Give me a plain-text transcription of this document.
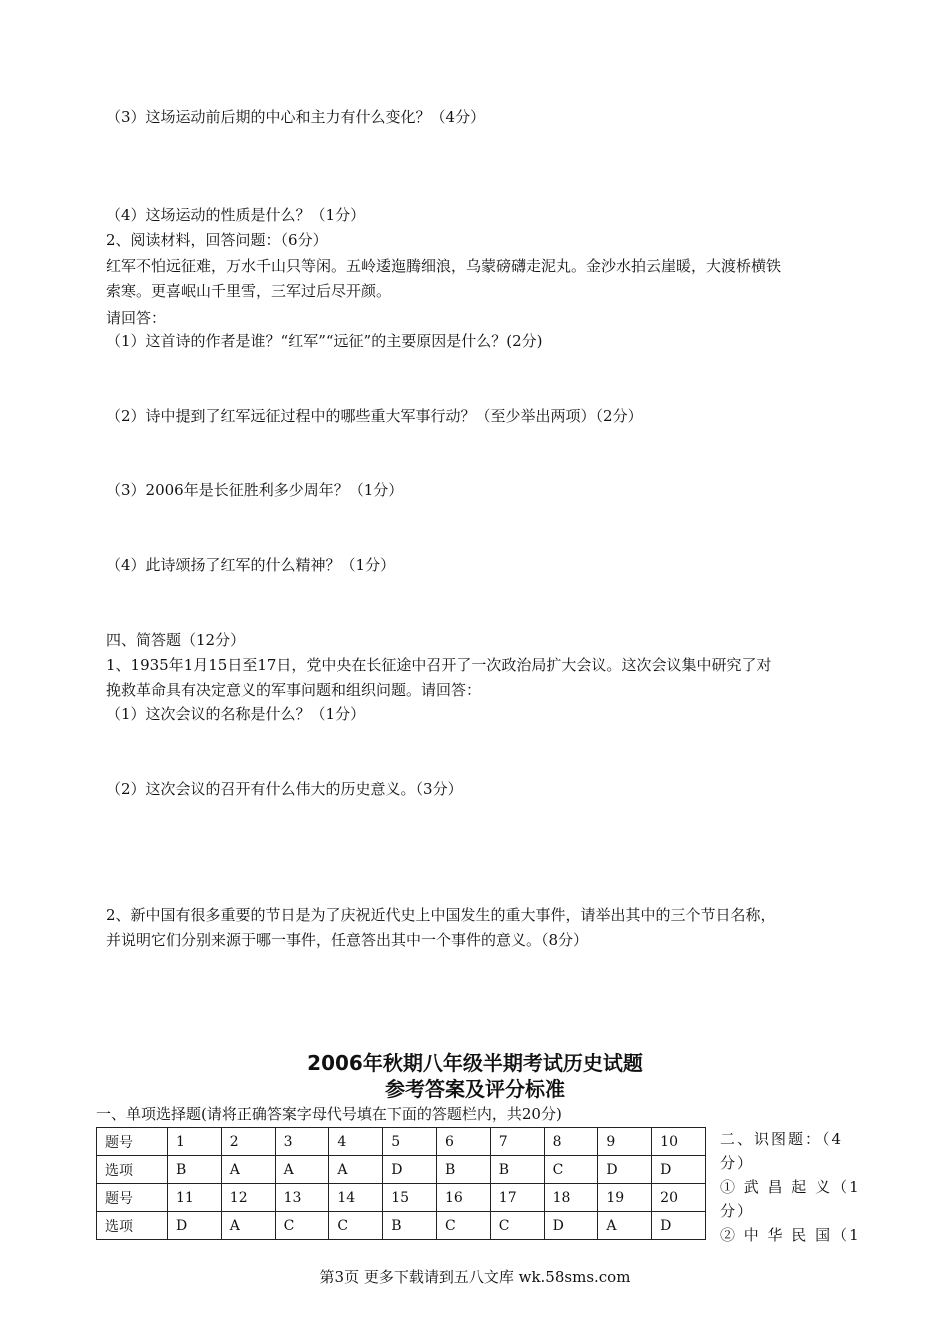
（3）这场运动前后期的中心和主力有什么变化？（4分）
（4）这场运动的性质是什么？（1分）
2、阅读材料，回答问题：（6分）
红军不怕远征难，万水千山只等闲。五岭逶迤腾细浪，乌蒙磅礴走泥丸。金沙水拍云崖暖，大渡桥横铁
索寒。更喜岷山千里雪，三军过后尽开颜。
请回答：
（1）这首诗的作者是谁？“红军”“远征”的主要原因是什么？(2分)
（2）诗中提到了红军远征过程中的哪些重大军事行动？（至少举出两项）（2分）
（3）2006年是长征胜利多少周年？（1分）
（4）此诗颂扬了红军的什么精神？（1分）
四、简答题（12分）
1、1935年1月15日至17日，党中央在长征途中召开了一次政治局扩大会议。这次会议集中研究了对
挽救革命具有决定意义的军事问题和组织问题。请回答：
（1）这次会议的名称是什么？（1分）
（2）这次会议的召开有什么伟大的历史意义。（3分）
2、新中国有很多重要的节日是为了庆祝近代史上中国发生的重大事件，请举出其中的三个节日名称，
并说明它们分别来源于哪一事件，任意答出其中一个事件的意义。（8分）
2006年秋期八年级半期考试历史试题
参考答案及评分标准
一、单项选择题(请将正确答案字母代号填在下面的答题栏内，共20分)
题号	1	2	3	4	5	6	7	8	9	10
选项	B	A	A	A	D	B	B	C	D	D
题号	11	12	13	14	15	16	17	18	19	20
选项	D	A	C	C	B	C	C	D	A	D
二、识图题：（4
分）
① 武 昌 起 义（1
分）
② 中 华 民 国（1
第3页 更多下载请到五八文库 wk.58sms.com
